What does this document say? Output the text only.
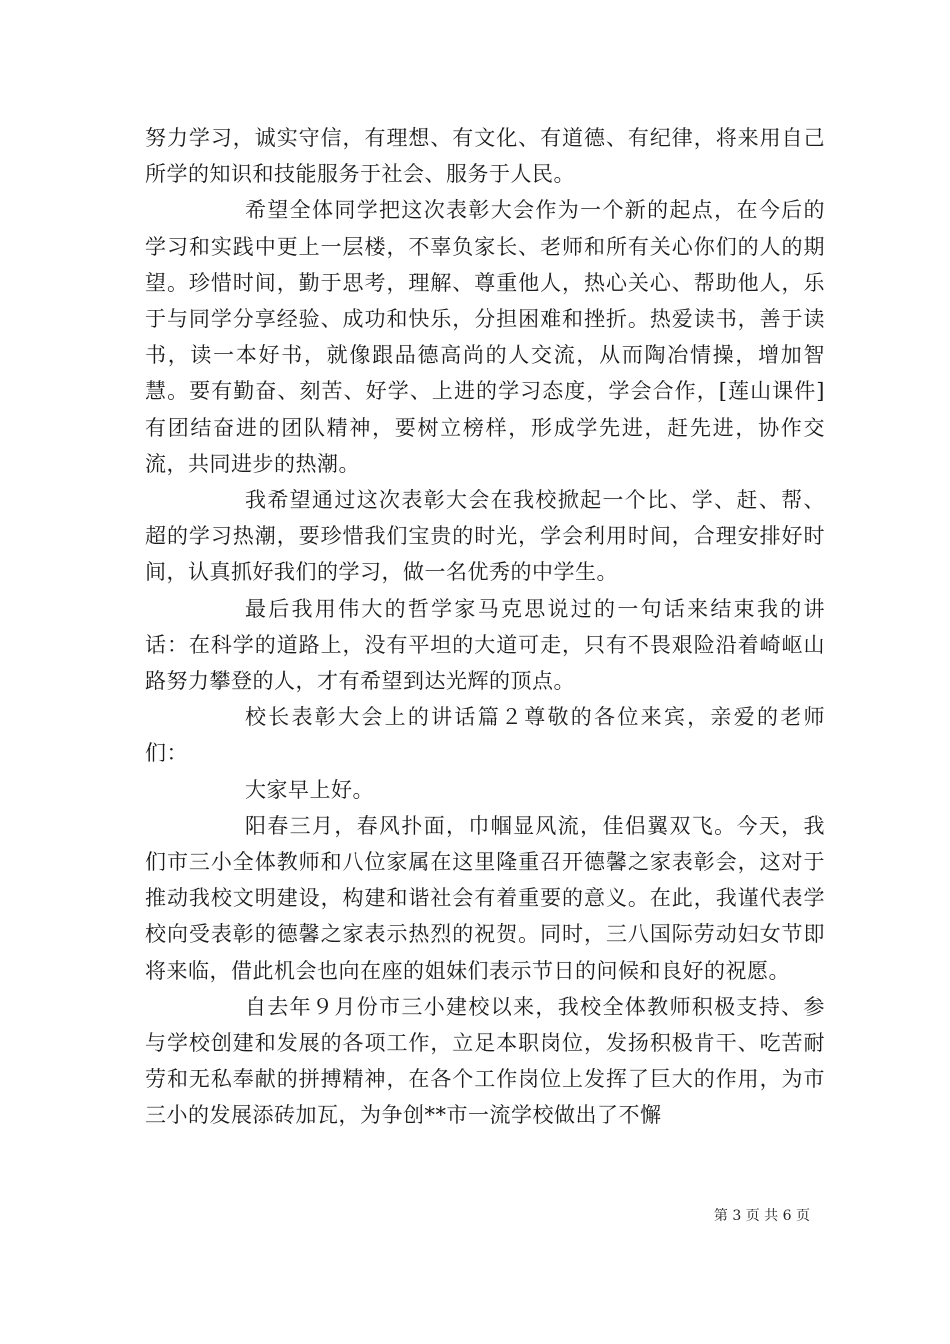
努力学习，诚实守信，有理想、有文化、有道德、有纪律，将来用自己所学的知识和技能服务于社会、服务于人民。

希望全体同学把这次表彰大会作为一个新的起点，在今后的学习和实践中更上一层楼，不辜负家长、老师和所有关心你们的人的期望。珍惜时间，勤于思考，理解、尊重他人，热心关心、帮助他人，乐于与同学分享经验、成功和快乐，分担困难和挫折。热爱读书，善于读书，读一本好书，就像跟品德高尚的人交流，从而陶冶情操，增加智慧。要有勤奋、刻苦、好学、上进的学习态度，学会合作，[莲山课件]有团结奋进的团队精神，要树立榜样，形成学先进，赶先进，协作交流，共同进步的热潮。

我希望通过这次表彰大会在我校掀起一个比、学、赶、帮、超的学习热潮，要珍惜我们宝贵的时光，学会利用时间，合理安排好时间，认真抓好我们的学习，做一名优秀的中学生。

最后我用伟大的哲学家马克思说过的一句话来结束我的讲话：在科学的道路上，没有平坦的大道可走，只有不畏艰险沿着崎岖山路努力攀登的人，才有希望到达光辉的顶点。

校长表彰大会上的讲话篇２尊敬的各位来宾，亲爱的老师们：

大家早上好。

阳春三月，春风扑面，巾帼显风流，佳侣翼双飞。今天，我们市三小全体教师和八位家属在这里隆重召开德馨之家表彰会，这对于推动我校文明建设，构建和谐社会有着重要的意义。在此，我谨代表学校向受表彰的德馨之家表示热烈的祝贺。同时，三八国际劳动妇女节即将来临，借此机会也向在座的姐妹们表示节日的问候和良好的祝愿。

自去年９月份市三小建校以来，我校全体教师积极支持、参与学校创建和发展的各项工作，立足本职岗位，发扬积极肯干、吃苦耐劳和无私奉献的拼搏精神，在各个工作岗位上发挥了巨大的作用，为市三小的发展添砖加瓦，为争创**市一流学校做出了不懈

第 3 页 共 6 页
